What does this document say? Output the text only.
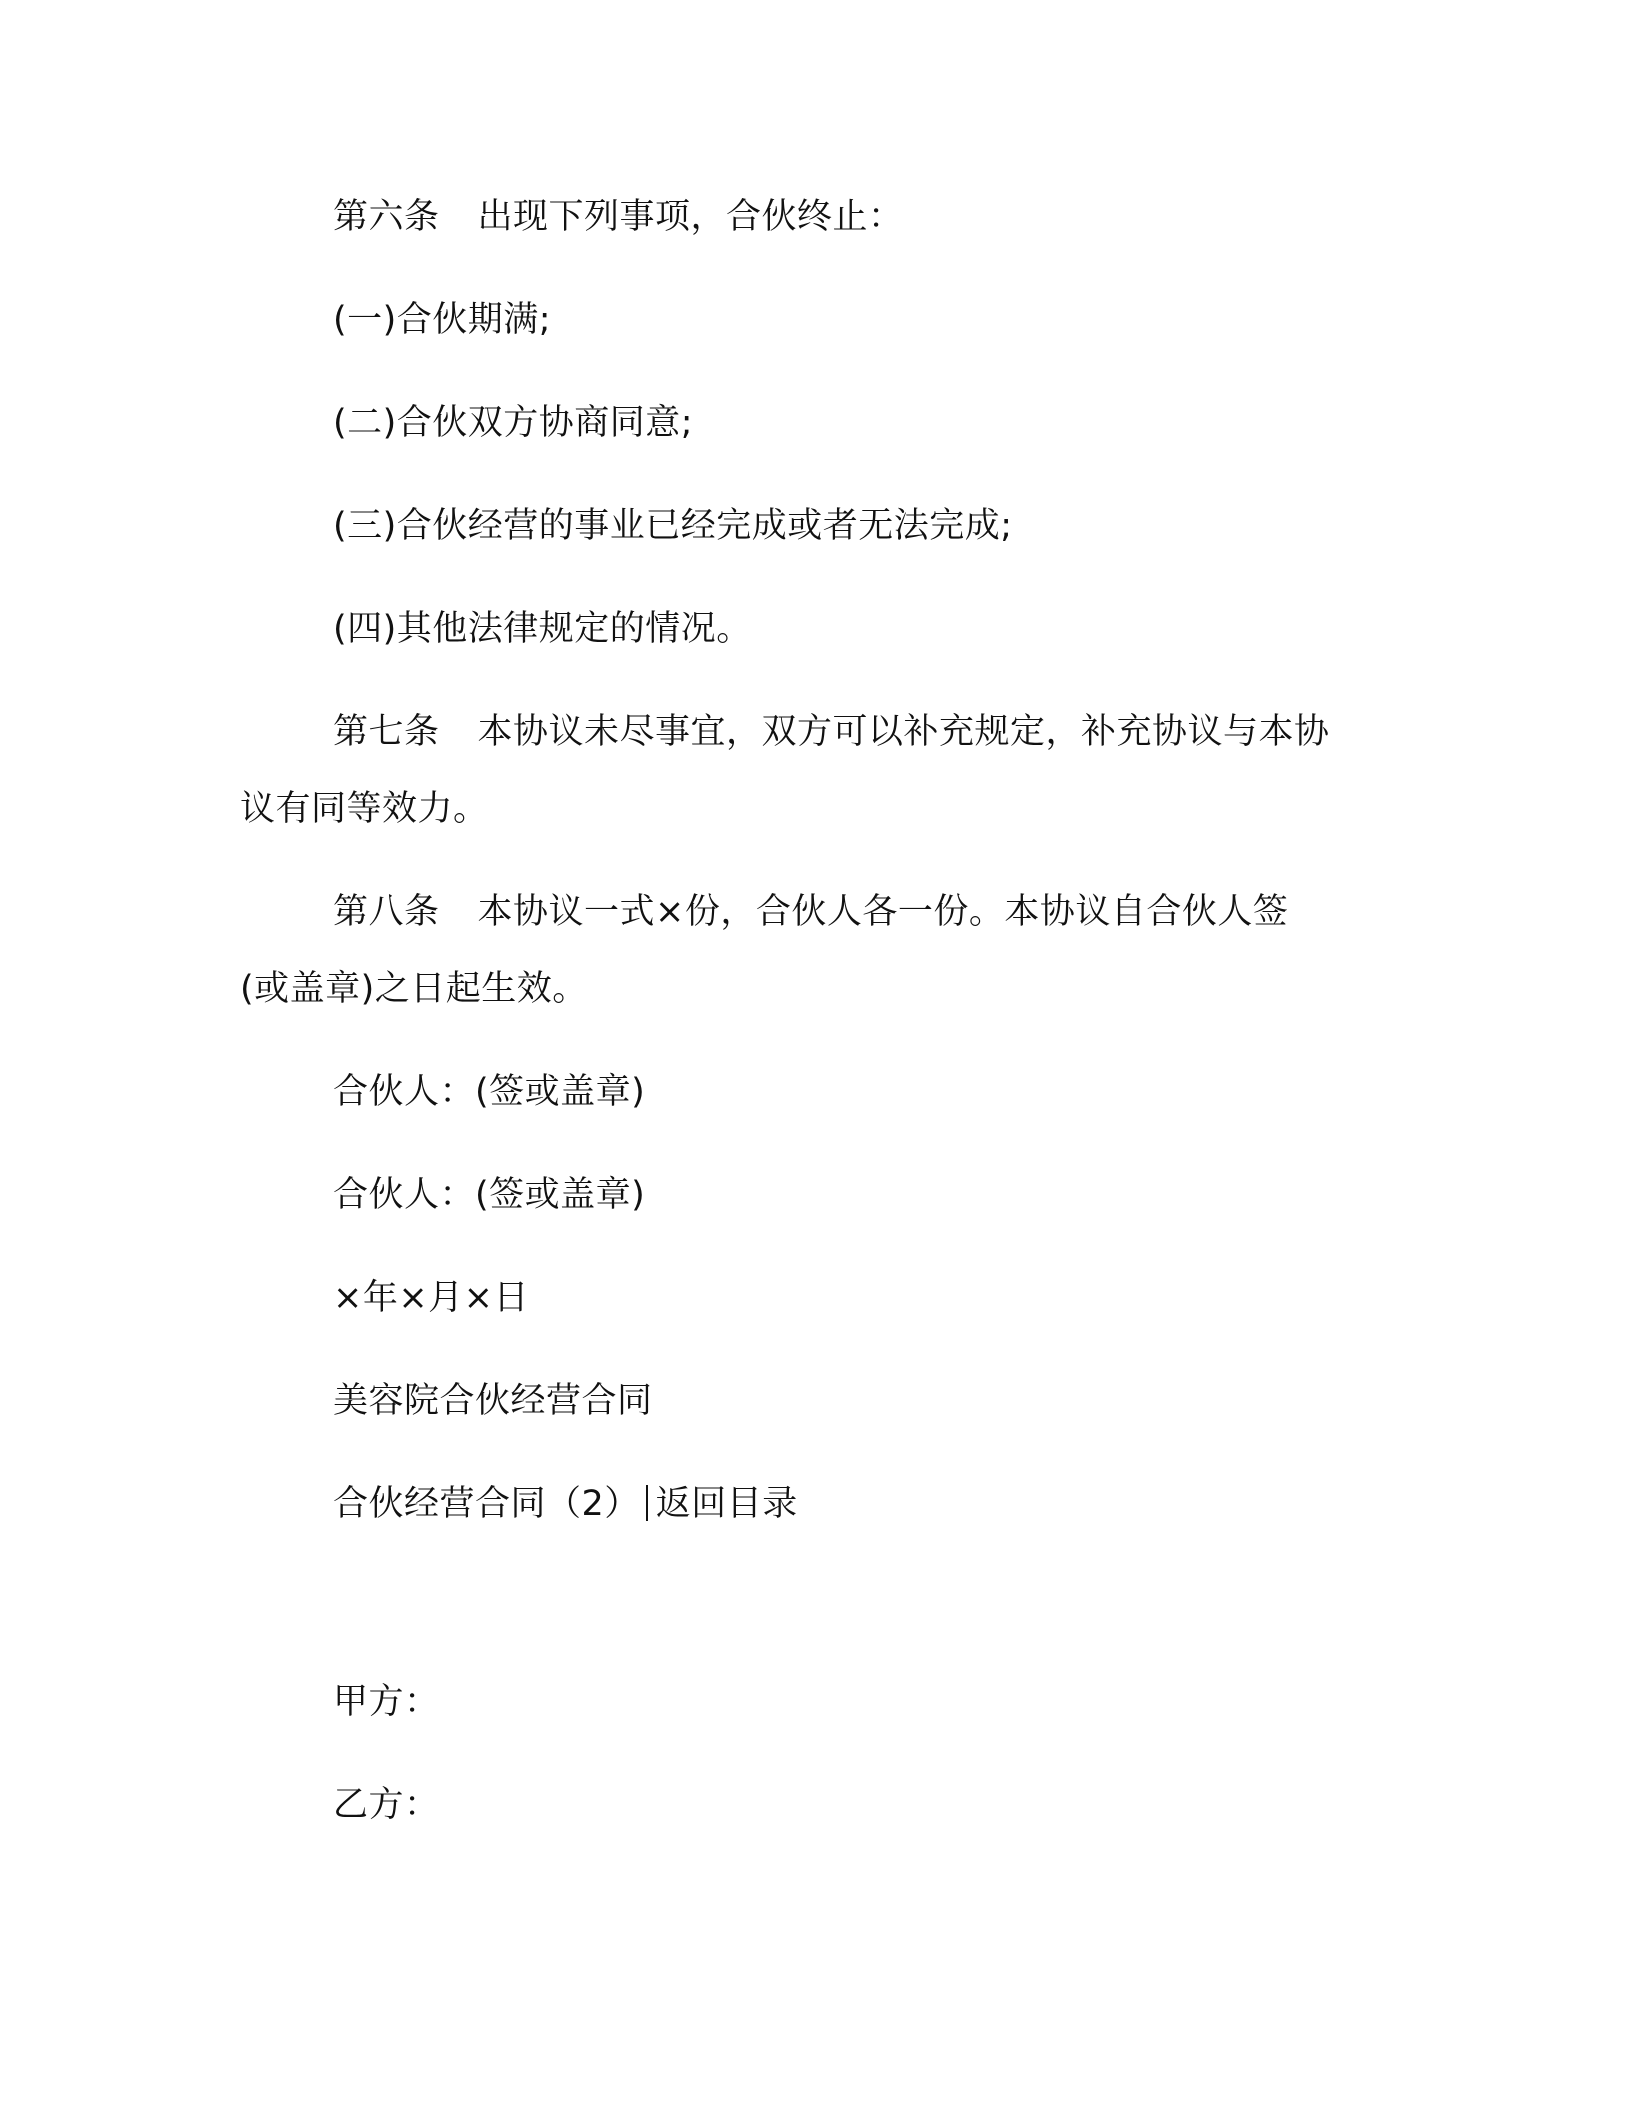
第六条 出现下列事项，合伙终止：
(一)合伙期满;
(二)合伙双方协商同意;
(三)合伙经营的事业已经完成或者无法完成;
(四)其他法律规定的情况。
第七条 本协议未尽事宜，双方可以补充规定，补充协议与本协
议有同等效力。
第八条 本协议一式×份，合伙人各一份。本协议自合伙人签
(或盖章)之日起生效。
合伙人：(签或盖章)
合伙人：(签或盖章)
×年×月×日
美容院合伙经营合同
合伙经营合同（2） 返回目录
甲方：
乙方：
